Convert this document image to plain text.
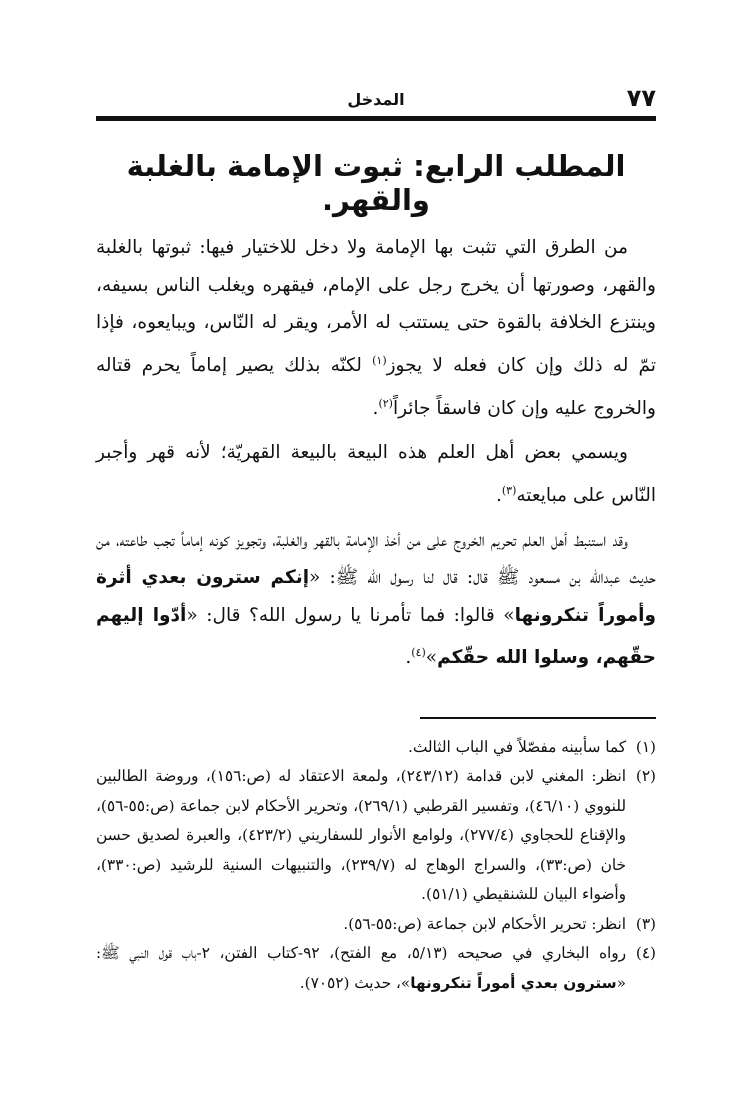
٧٧
المدخل
المطلب الرابع: ثبوت الإمامة بالغلبة والقهر.

من الطرق التي تثبت بها الإمامة ولا دخل للاختيار فيها: ثبوتها بالغلبة والقهر، وصورتها أن يخرج رجل على الإمام، فيقهره ويغلب الناس بسيفه، وينتزع الخلافة بالقوة حتى يستتب له الأمر، ويقر له النّاس، ويبايعوه، فإذا تمّ له ذلك وإن كان فعله لا يجوز$^{(١)}$ لكنّه بذلك يصير إماماً يحرم قتاله والخروج عليه وإن كان فاسقاً جائراً$^{(٢)}$.

ويسمي بعض أهل العلم هذه البيعة بالبيعة القهريّة؛ لأنه قهر وأجبر النّاس على مبايعته$^{(٣)}$.

وقد استنبط أهل العلم تحريم الخروج على من أخذ الإمامة بالقهر والغلبة، وتجويز كونه إماماً تجب طاعته، من حديث عبدالله بن مسعود ﷺ قال: قال لنا رسول الله ﷺ: «إنكم سترون بعدي أثرة وأموراً تنكرونها» قالوا: فما تأمرنا يا رسول الله؟ قال: «أدّوا إليهم حقّهم، وسلوا الله حقّكم»$^{(٤)}$.

(١)
كما سأبينه مفصّلاً في الباب الثالث.
(٢)
انظر: المغني لابن قدامة (٢٤٣/١٢)، ولمعة الاعتقاد له (ص:١٥٦)، وروضة الطالبين للنووي (٤٦/١٠)، وتفسير القرطبي (٢٦٩/١)، وتحرير الأحكام لابن جماعة (ص:٥٥-٥٦)، والإقناع للحجاوي (٢٧٧/٤)، ولوامع الأنوار للسفاريني (٤٢٣/٢)، والعبرة لصديق حسن خان (ص:٣٣)، والسراج الوهاج له (٢٣٩/٧)، والتنبيهات السنية للرشيد (ص:٣٣٠)، وأضواء البيان للشنقيطي (٥١/١).
(٣)
انظر: تحرير الأحكام لابن جماعة (ص:٥٥-٥٦).
(٤)
رواه البخاري في صحيحه (٥/١٣، مع الفتح)، ٩٢-كتاب الفتن، ٢-باب قول النبي ﷺ: «سترون بعدي أموراً تنكرونها»، حديث (٧٠٥٢).
